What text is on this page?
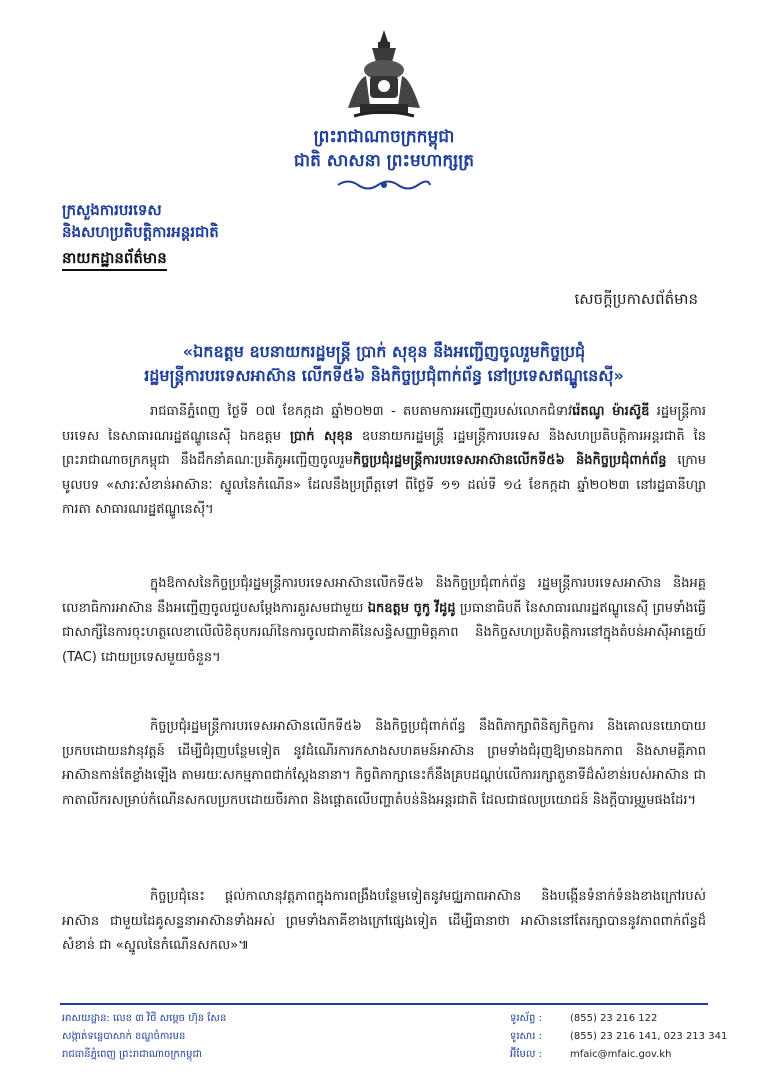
ព្រះរាជាណាចក្រកម្ពុជា
ជាតិ សាសនា ព្រះមហាក្សត្រ
ក្រសួងការបរទេស
និងសហប្រតិបត្តិការអន្តរជាតិ
នាយកដ្ឋានព័ត៌មាន
សេចក្តីប្រកាសព័ត៌មាន
«ឯកឧត្តម ឧបនាយករដ្ឋមន្ត្រី ប្រាក់ សុខុន នឹងអញ្ជើញចូលរួមកិច្ចប្រជុំ
រដ្ឋមន្ត្រីការបរទេសអាស៊ាន លើកទី៥៦ និងកិច្ចប្រជុំពាក់ព័ន្ធ នៅប្រទេសឥណ្ឌូនេស៊ី»

រាជធានីភ្នំពេញ ថ្ងៃទី ០៧ ខែកក្កដា ឆ្នាំ២០២៣ - តបតាមការអញ្ជើញរបស់លោកជំទាវរ៉េតណូ ម៉ារស៊ូឌី រដ្ឋមន្ត្រីការបរទេស នៃសាធារណរដ្ឋឥណ្ឌូនេស៊ី ឯកឧត្តម ប្រាក់ សុខុន ឧបនាយករដ្ឋមន្ត្រី រដ្ឋមន្ត្រីការបរទេស និងសហប្រតិបត្តិការអន្តរជាតិ នៃព្រះរាជាណាចក្រកម្ពុជា នឹងដឹកនាំគណៈប្រតិភូអញ្ជើញចូលរួមកិច្ចប្រជុំរដ្ឋមន្ត្រីការបរទេសអាស៊ានលើកទី៥៦ និងកិច្ចប្រជុំពាក់ព័ន្ធ ក្រោមមូលបទ «សារៈសំខាន់អាស៊ានៈ ស្នូលនៃកំណើន» ដែលនឹងប្រព្រឹត្តទៅ ពីថ្ងៃទី ១១ ដល់ទី ១៤ ខែកក្កដា ឆ្នាំ២០២៣ នៅរដ្ឋធានីហ្សាការតា សាធារណរដ្ឋឥណ្ឌូនេស៊ី។

ក្នុងឱកាសនៃកិច្ចប្រជុំរដ្ឋមន្ត្រីការបរទេសអាស៊ានលើកទី៥៦ និងកិច្ចប្រជុំពាក់ព័ន្ធ រដ្ឋមន្ត្រីការបរទេសអាស៊ាន និងអគ្គលេខាធិការអាស៊ាន នឹងអញ្ជើញចូលជួបសម្តែងការគួរសមជាមួយ ឯកឧត្តម ចូកូ វីដូដូ ប្រធានាធិបតី នៃសាធារណរដ្ឋឥណ្ឌូនេស៊ី ព្រមទាំងធ្វើជាសាក្សីនៃការចុះហត្ថលេខាលើលិខិតុបករណ៍នៃការចូលជាភាគីនៃសន្ធិសញ្ញាមិត្តភាព និងកិច្ចសហប្រតិបត្តិការនៅក្នុងតំបន់អាស៊ីអាគ្នេយ៍ (TAC) ដោយប្រទេសមួយចំនួន។

កិច្ចប្រជុំរដ្ឋមន្ត្រីការបរទេសអាស៊ានលើកទី៥៦ និងកិច្ចប្រជុំពាក់ព័ន្ធ នឹងពិភាក្សាពិនិត្យកិច្ចការ និងគោលនយោបាយប្រកបដោយនវានុវត្តន៍ ដើម្បីជំរុញបន្ថែមទៀត នូវដំណើរការកសាងសហគមន៍អាស៊ាន ព្រមទាំងជំរុញឱ្យមានឯកភាព និងសាមគ្គីភាពអាស៊ានកាន់តែខ្លាំងឡើង តាមរយៈសកម្មភាពជាក់ស្តែងនានា។ កិច្ចពិភាក្សានេះក៏នឹងគ្របដណ្តប់លើការរក្សាតួនាទីដ៏សំខាន់របស់អាស៊ាន ជាកាតាលីករសម្រាប់កំណើនសកលប្រកបដោយចីរភាព និងផ្តោតលើបញ្ហាតំបន់និងអន្តរជាតិ ដែលជាផលប្រយោជន៍ និងក្តីបារម្ភរួមផងដែរ។

កិច្ចប្រជុំនេះ ផ្តល់កាលានុវត្តភាពក្នុងការពង្រឹងបន្ថែមទៀតនូវមជ្ឈភាពអាស៊ាន និងបង្កើនទំនាក់ទំនងខាងក្រៅរបស់អាស៊ាន ជាមួយដៃគូសន្ទនាអាស៊ានទាំងអស់ ព្រមទាំងភាគីខាងក្រៅផ្សេងទៀត ដើម្បីធានាថា អាស៊ាននៅតែរក្សាបាននូវភាពពាក់ព័ន្ធដ៏សំខាន់ ជា «ស្នូលនៃកំណើនសកល»៕

អាសយដ្ឋាន: លេខ ៣ វិថី សម្តេច ហ៊ុន សែន
សង្កាត់ទន្លេបាសាក់ ខណ្ឌចំការមន
រាជធានីភ្នំពេញ ព្រះរាជាណាចក្រកម្ពុជា
ទូរស័ព្ទ :	(855) 23 216 122
ទូរសារ :	(855) 23 216 141, 023 213 341
អ៊ីមែល :	mfaic@mfaic.gov.kh
